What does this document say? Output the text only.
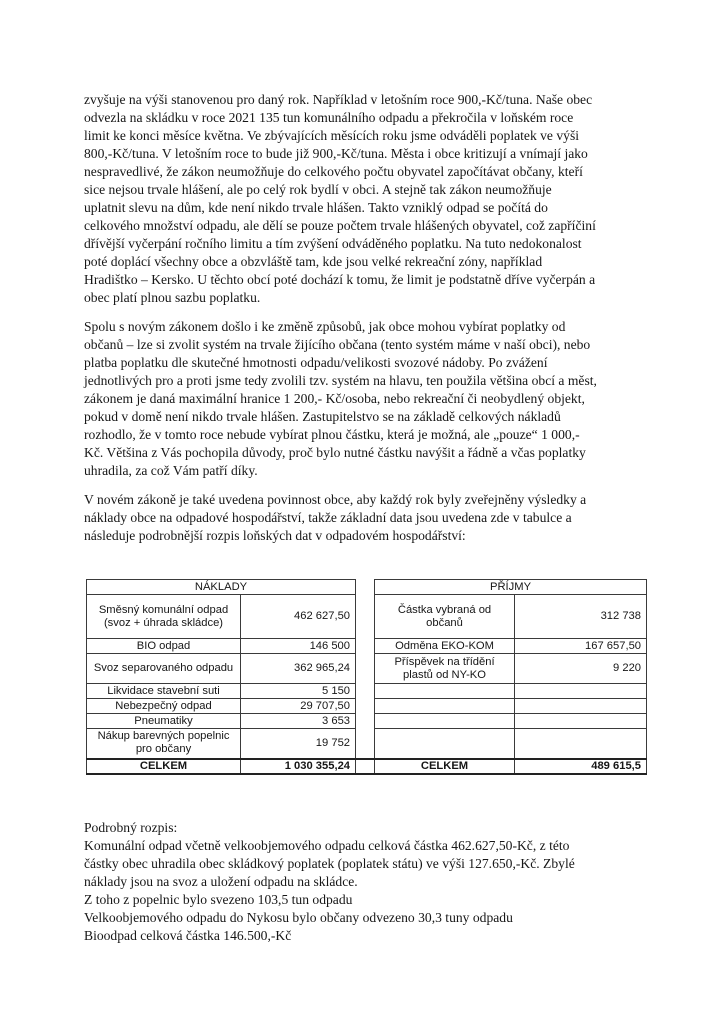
zvyšuje na výši stanovenou pro daný rok. Například v letošním roce 900,-Kč/tuna. Naše obec
odvezla na skládku v roce 2021 135 tun komunálního odpadu a překročila v loňském roce
limit ke konci měsíce května. Ve zbývajících měsících roku jsme odváděli poplatek ve výši
800,-Kč/tuna. V letošním roce to bude již 900,-Kč/tuna. Města i obce kritizují a vnímají jako
nespravedlivé, že zákon neumožňuje do celkového počtu obyvatel započítávat občany, kteří
sice nejsou trvale hlášení, ale po celý rok bydlí v obci. A stejně tak zákon neumožňuje
uplatnit slevu na dům, kde není nikdo trvale hlášen. Takto vzniklý odpad se počítá do
celkového množství odpadu, ale dělí se pouze počtem trvale hlášených obyvatel, což zapříčiní
dřívější vyčerpání ročního limitu a tím zvýšení odváděného poplatku. Na tuto nedokonalost
poté doplácí všechny obce a obzvláště tam, kde jsou velké rekreační zóny, například
Hradištko – Kersko. U těchto obcí poté dochází k tomu, že limit je podstatně dříve vyčerpán a
obec platí plnou sazbu poplatku.

Spolu s novým zákonem došlo i ke změně způsobů, jak obce mohou vybírat poplatky od
občanů – lze si zvolit systém na trvale žijícího občana (tento systém máme v naší obci), nebo
platba poplatku dle skutečné hmotnosti odpadu/velikosti svozové nádoby. Po zvážení
jednotlivých pro a proti jsme tedy zvolili tzv. systém na hlavu, ten použila většina obcí a měst,
zákonem je daná maximální hranice 1 200,- Kč/osoba, nebo rekreační či neobydlený objekt,
pokud v domě není nikdo trvale hlášen. Zastupitelstvo se na základě celkových nákladů
rozhodlo, že v tomto roce nebude vybírat plnou částku, která je možná, ale „pouze“ 1 000,-
Kč. Většina z Vás pochopila důvody, proč bylo nutné částku navýšit a řádně a včas poplatky
uhradila, za což Vám patří díky.

V novém zákoně je také uvedena povinnost obce, aby každý rok byly zveřejněny výsledky a
náklady obce na odpadové hospodářství, takže základní data jsou uvedena zde v tabulce a
následuje podrobnější rozpis loňských dat v odpadovém hospodářství:

NÁKLADY			PŘÍJMY	
Směsný komunální odpad (svoz + úhrada skládce)	462 627,50		Částka vybraná od občanů	312 738
BIO odpad	146 500		Odměna EKO-KOM	167 657,50
Svoz separovaného odpadu	362 965,24		Příspěvek na třídění plastů od NY-KO	9 220
Likvidace stavební suti	5 150			
Nebezpečný odpad	29 707,50			
Pneumatiky	3 653			
Nákup barevných popelnic pro občany	19 752			
CELKEM	1 030 355,24		CELKEM	489 615,5

Podrobný rozpis:
Komunální odpad včetně velkoobjemového odpadu celková částka 462.627,50-Kč, z této
částky obec uhradila obec skládkový poplatek (poplatek státu) ve výši 127.650,-Kč. Zbylé
náklady jsou na svoz a uložení odpadu na skládce.
Z toho z popelnic bylo svezeno 103,5 tun odpadu
Velkoobjemového odpadu do Nykosu bylo občany odvezeno 30,3 tuny odpadu
Bioodpad celková částka 146.500,-Kč
